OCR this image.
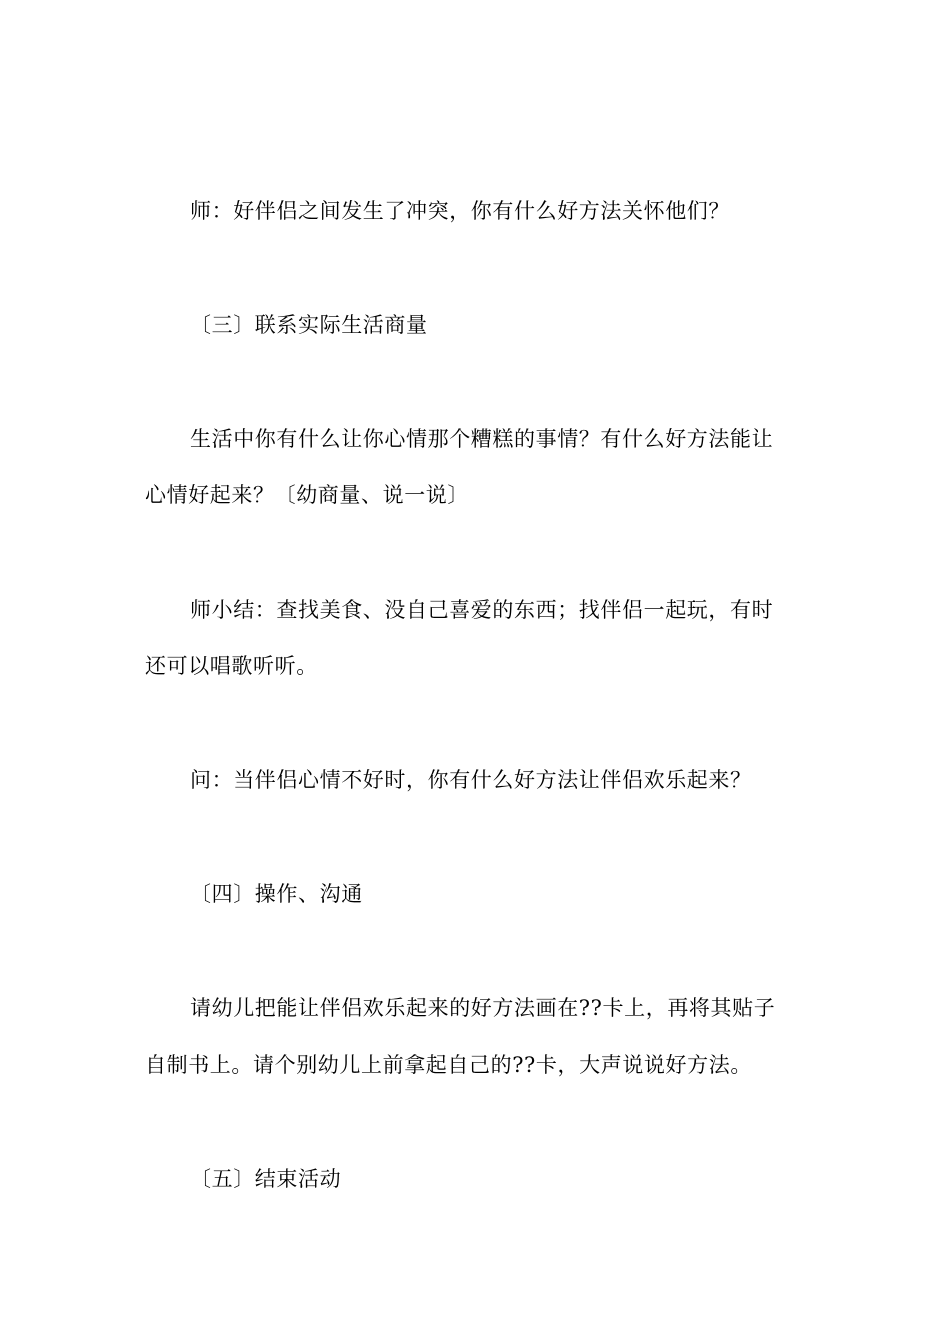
师：好伴侣之间发生了冲突，你有什么好方法关怀他们？
〔三〕联系实际生活商量
生活中你有什么让你心情那个糟糕的事情？有什么好方法能让
心情好起来？〔幼商量、说一说〕
师小结：查找美食、没自己喜爱的东西；找伴侣一起玩，有时
还可以唱歌听听。
问：当伴侣心情不好时，你有什么好方法让伴侣欢乐起来？
〔四〕操作、沟通
请幼儿把能让伴侣欢乐起来的好方法画在??卡上，再将其贴子
自制书上。请个别幼儿上前拿起自己的??卡，大声说说好方法。
〔五〕结束活动
